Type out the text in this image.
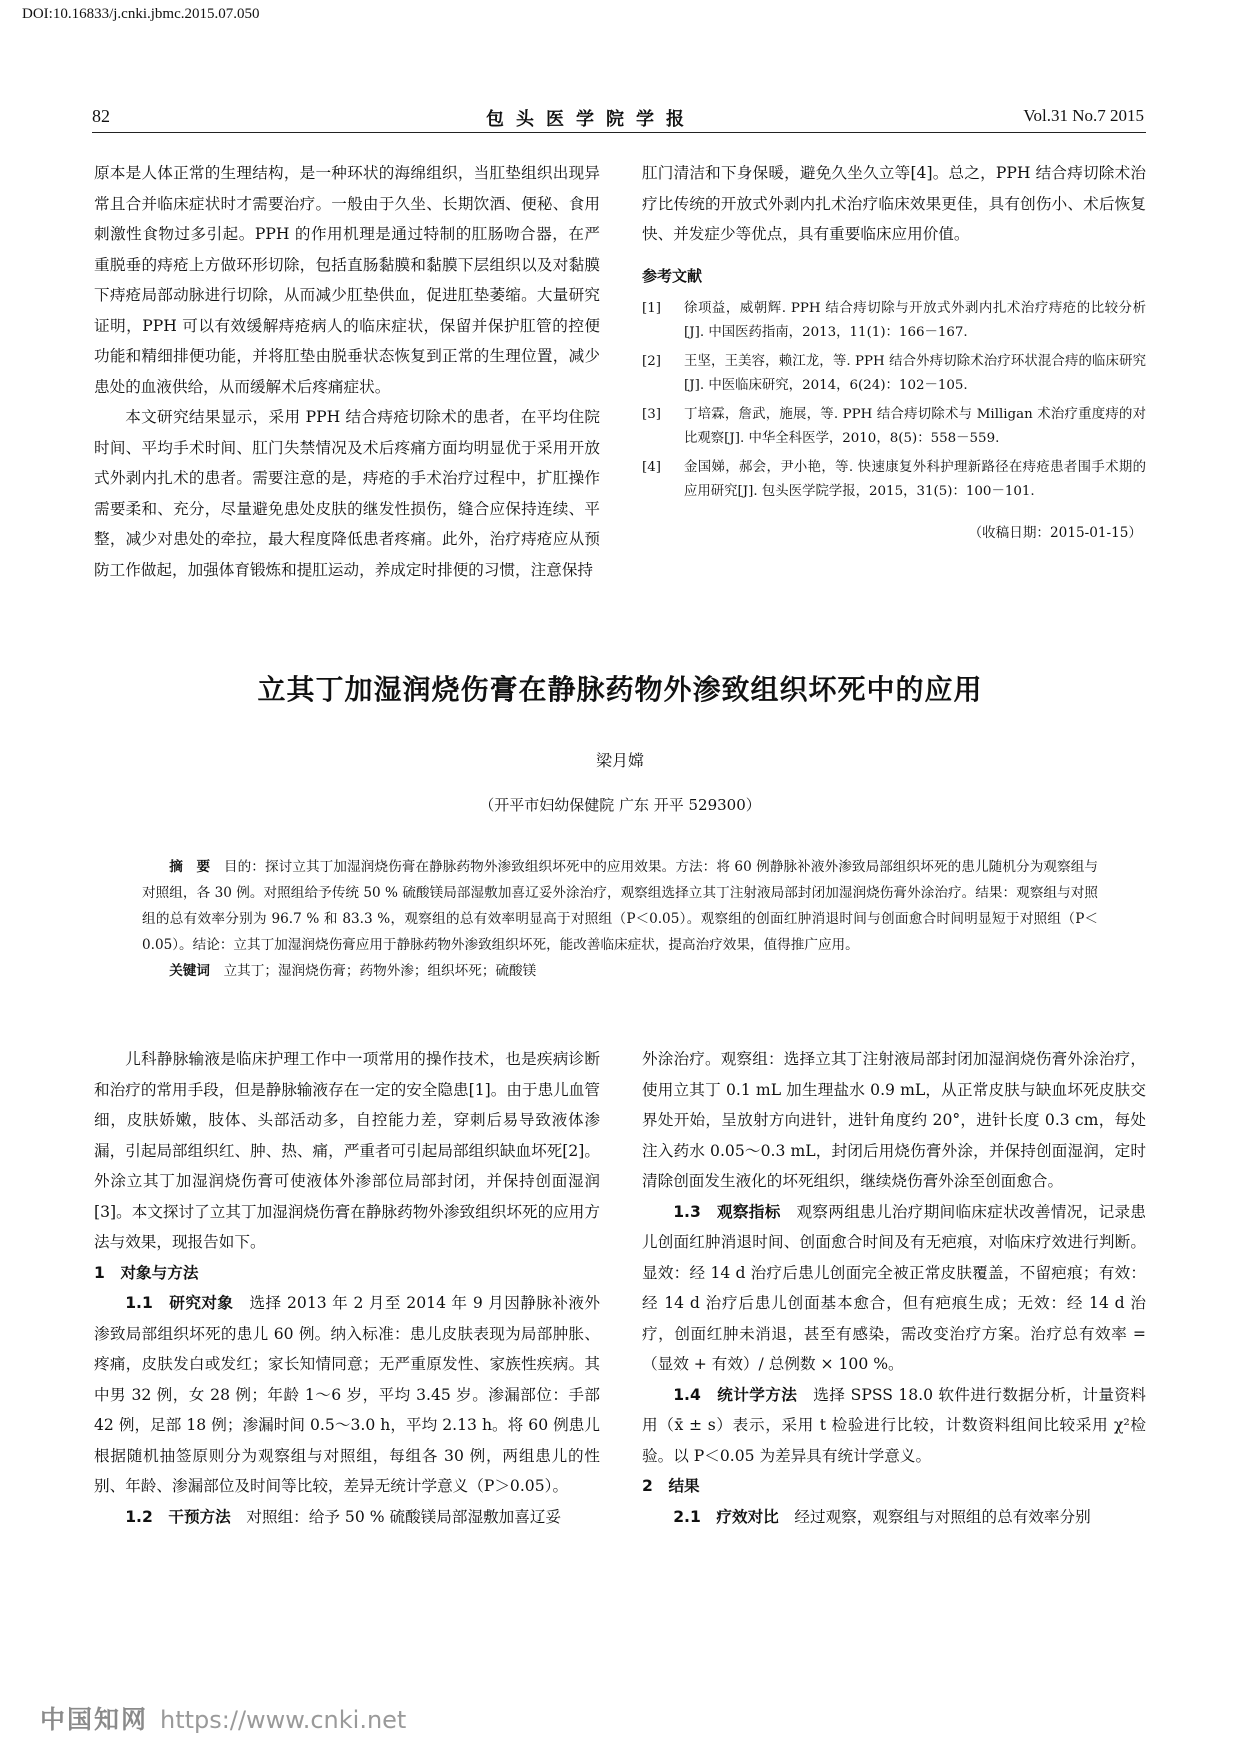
DOI:10.16833/j.cnki.jbmc.2015.07.050
82	包头医学院学报	Vol.31 No.7 2015

原本是人体正常的生理结构，是一种环状的海绵组织，当肛垫组织出现异常且合并临床症状时才需要治疗。一般由于久坐、长期饮酒、便秘、食用刺激性食物过多引起。PPH 的作用机理是通过特制的肛肠吻合器，在严重脱垂的痔疮上方做环形切除，包括直肠黏膜和黏膜下层组织以及对黏膜下痔疮局部动脉进行切除，从而减少肛垫供血，促进肛垫萎缩。大量研究证明，PPH 可以有效缓解痔疮病人的临床症状，保留并保护肛管的控便功能和精细排便功能，并将肛垫由脱垂状态恢复到正常的生理位置，减少患处的血液供给，从而缓解术后疼痛症状。

本文研究结果显示，采用 PPH 结合痔疮切除术的患者，在平均住院时间、平均手术时间、肛门失禁情况及术后疼痛方面均明显优于采用开放式外剥内扎术的患者。需要注意的是，痔疮的手术治疗过程中，扩肛操作需要柔和、充分，尽量避免患处皮肤的继发性损伤，缝合应保持连续、平整，减少对患处的牵拉，最大程度降低患者疼痛。此外，治疗痔疮应从预防工作做起，加强体育锻炼和提肛运动，养成定时排便的习惯，注意保持

肛门清洁和下身保暖，避免久坐久立等[4]。总之，PPH 结合痔切除术治疗比传统的开放式外剥内扎术治疗临床效果更佳，具有创伤小、术后恢复快、并发症少等优点，具有重要临床应用价值。

参考文献

[1]	徐项益，威朝辉. PPH 结合痔切除与开放式外剥内扎术治疗痔疮的比较分析[J]. 中国医药指南，2013，11(1)：166－167.

[2]	王坚，王美容，赖江龙，等. PPH 结合外痔切除术治疗环状混合痔的临床研究[J]. 中医临床研究，2014，6(24)：102－105.

[3]	丁培霖，詹武，施展，等. PPH 结合痔切除术与 Milligan 术治疗重度痔的对比观察[J]. 中华全科医学，2010，8(5)：558－559.

[4]	金国娣，郝会，尹小艳，等. 快速康复外科护理新路径在痔疮患者围手术期的应用研究[J]. 包头医学院学报，2015，31(5)：100－101.

（收稿日期：2015-01-15）

立其丁加湿润烧伤膏在静脉药物外渗致组织坏死中的应用
梁月嫦
（开平市妇幼保健院 广东 开平 529300）

摘　要　 目的：探讨立其丁加湿润烧伤膏在静脉药物外渗致组织坏死中的应用效果。方法：将 60 例静脉补液外渗致局部组织坏死的患儿随机分为观察组与对照组，各 30 例。对照组给予传统 50 % 硫酸镁局部湿敷加喜辽妥外涂治疗，观察组选择立其丁注射液局部封闭加湿润烧伤膏外涂治疗。结果：观察组与对照组的总有效率分别为 96.7 % 和 83.3 %，观察组的总有效率明显高于对照组（P＜0.05）。观察组的创面红肿消退时间与创面愈合时间明显短于对照组（P＜0.05）。结论：立其丁加湿润烧伤膏应用于静脉药物外渗致组织坏死，能改善临床症状，提高治疗效果，值得推广应用。

关键词　 立其丁；湿润烧伤膏；药物外渗；组织坏死；硫酸镁

儿科静脉输液是临床护理工作中一项常用的操作技术，也是疾病诊断和治疗的常用手段，但是静脉输液存在一定的安全隐患[1]。由于患儿血管细，皮肤娇嫩，肢体、头部活动多，自控能力差，穿刺后易导致液体渗漏，引起局部组织红、肿、热、痛，严重者可引起局部组织缺血坏死[2]。外涂立其丁加湿润烧伤膏可使液体外渗部位局部封闭，并保持创面湿润[3]。本文探讨了立其丁加湿润烧伤膏在静脉药物外渗致组织坏死的应用方法与效果，现报告如下。

1　对象与方法

1.1　研究对象　 选择 2013 年 2 月至 2014 年 9 月因静脉补液外渗致局部组织坏死的患儿 60 例。纳入标准：患儿皮肤表现为局部肿胀、疼痛，皮肤发白或发红；家长知情同意；无严重原发性、家族性疾病。其中男 32 例，女 28 例；年龄 1～6 岁，平均 3.45 岁。渗漏部位：手部 42 例，足部 18 例；渗漏时间 0.5～3.0 h，平均 2.13 h。将 60 例患儿根据随机抽签原则分为观察组与对照组，每组各 30 例，两组患儿的性别、年龄、渗漏部位及时间等比较，差异无统计学意义（P＞0.05）。

1.2　干预方法　 对照组：给予 50 % 硫酸镁局部湿敷加喜辽妥

外涂治疗。观察组：选择立其丁注射液局部封闭加湿润烧伤膏外涂治疗，使用立其丁 0.1 mL 加生理盐水 0.9 mL，从正常皮肤与缺血坏死皮肤交界处开始，呈放射方向进针，进针角度约 20°，进针长度 0.3 cm，每处注入药水 0.05～0.3 mL，封闭后用烧伤膏外涂，并保持创面湿润，定时清除创面发生液化的坏死组织，继续烧伤膏外涂至创面愈合。

1.3　观察指标　 观察两组患儿治疗期间临床症状改善情况，记录患儿创面红肿消退时间、创面愈合时间及有无疤痕，对临床疗效进行判断。显效：经 14 d 治疗后患儿创面完全被正常皮肤覆盖，不留疤痕；有效：经 14 d 治疗后患儿创面基本愈合，但有疤痕生成；无效：经 14 d 治疗，创面红肿未消退，甚至有感染，需改变治疗方案。治疗总有效率 =（显效 + 有效）/ 总例数 × 100 %。

1.4　统计学方法　 选择 SPSS 18.0 软件进行数据分析，计量资料用（x̄ ± s）表示，采用 t 检验进行比较，计数资料组间比较采用 χ²检验。以 P＜0.05 为差异具有统计学意义。

2　结果

2.1　疗效对比　 经过观察，观察组与对照组的总有效率分别

中国知网 https://www.cnki.net
